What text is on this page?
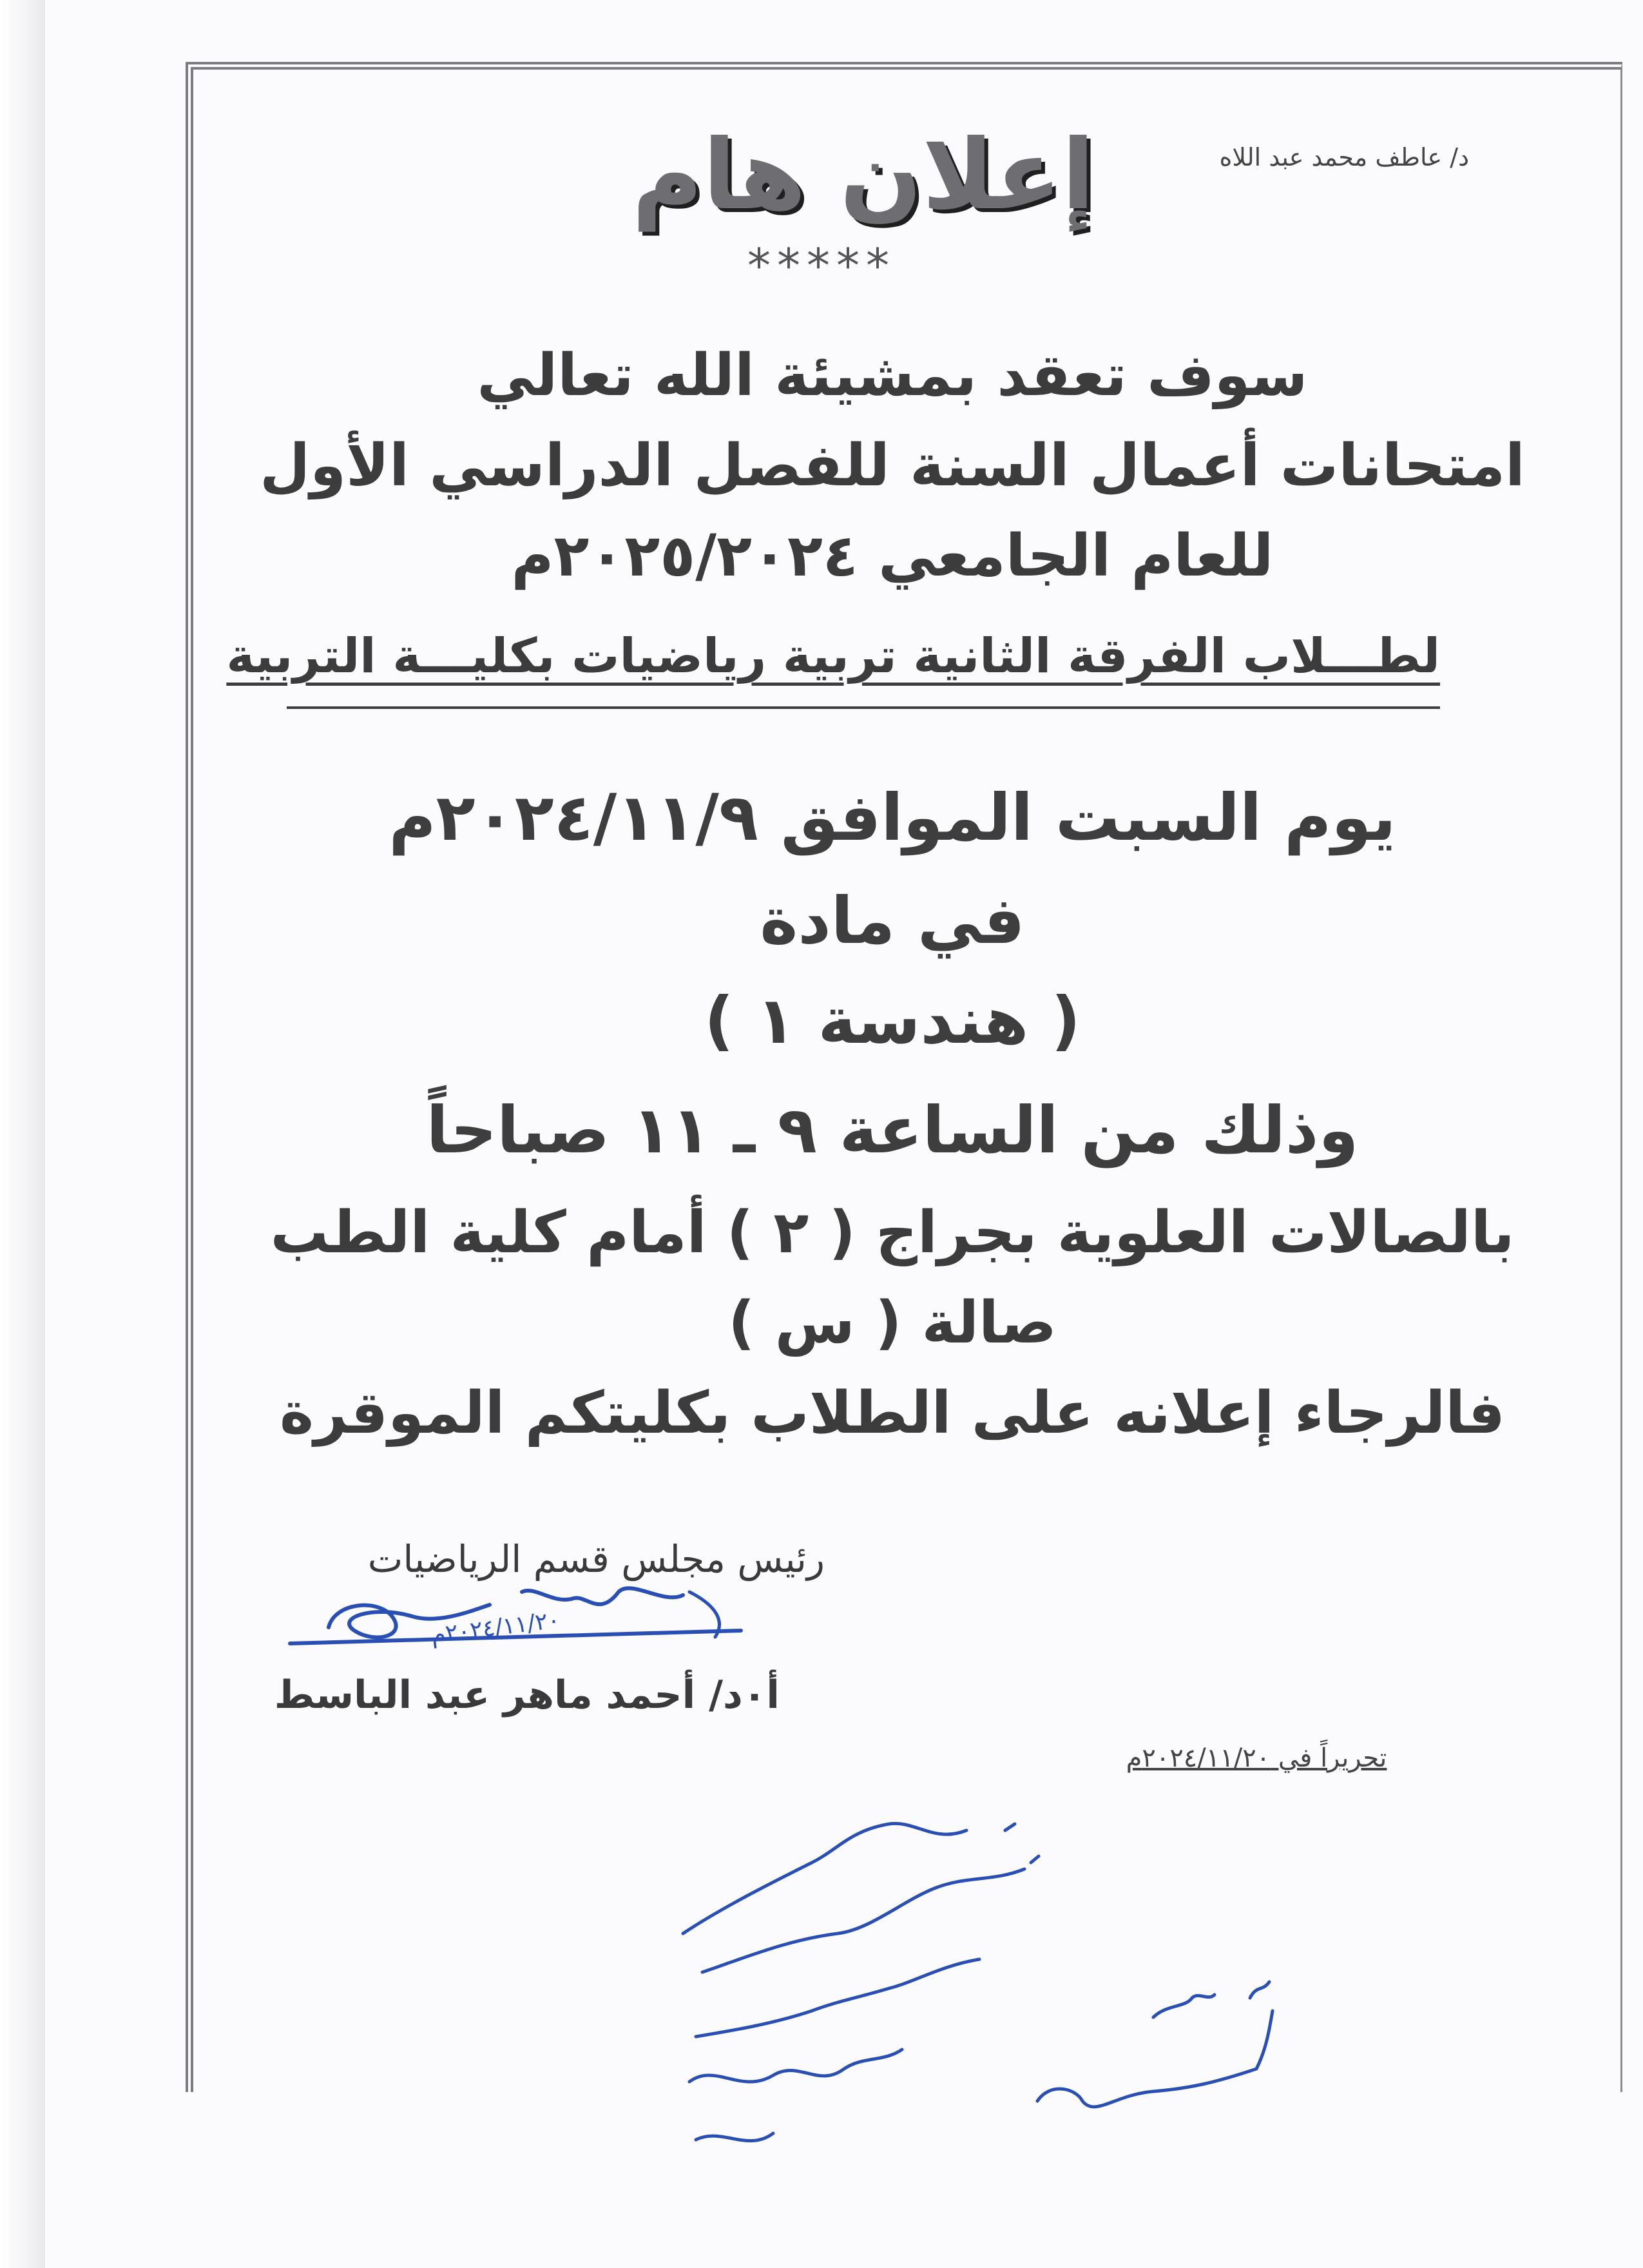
د/ عاطف محمد عبد اللاه
إعلان هام
*****
سوف تعقد بمشيئة الله تعالي
امتحانات أعمال السنة للفصل الدراسي الأول
للعام الجامعي ٢٠٢٥/٢٠٢٤م
لطـــلاب الفرقة الثانية تربية رياضيات بكليـــة التربية
يوم السبت الموافق ٢٠٢٤/١١/٩م
في مادة
( هندسة ١ )
وذلك من الساعة ٩ ـ ١١ صباحاً
بالصالات العلوية بجراج ( ٢ ) أمام كلية الطب
صالة ( س )
فالرجاء إعلانه على الطلاب بكليتكم الموقرة
رئيس مجلس قسم الرياضيات
٢٠٢٤/١١/٢٠م
أ٠د/ أحمد ماهر عبد الباسط
تحريراً في ٢٠٢٤/١١/٢٠م
